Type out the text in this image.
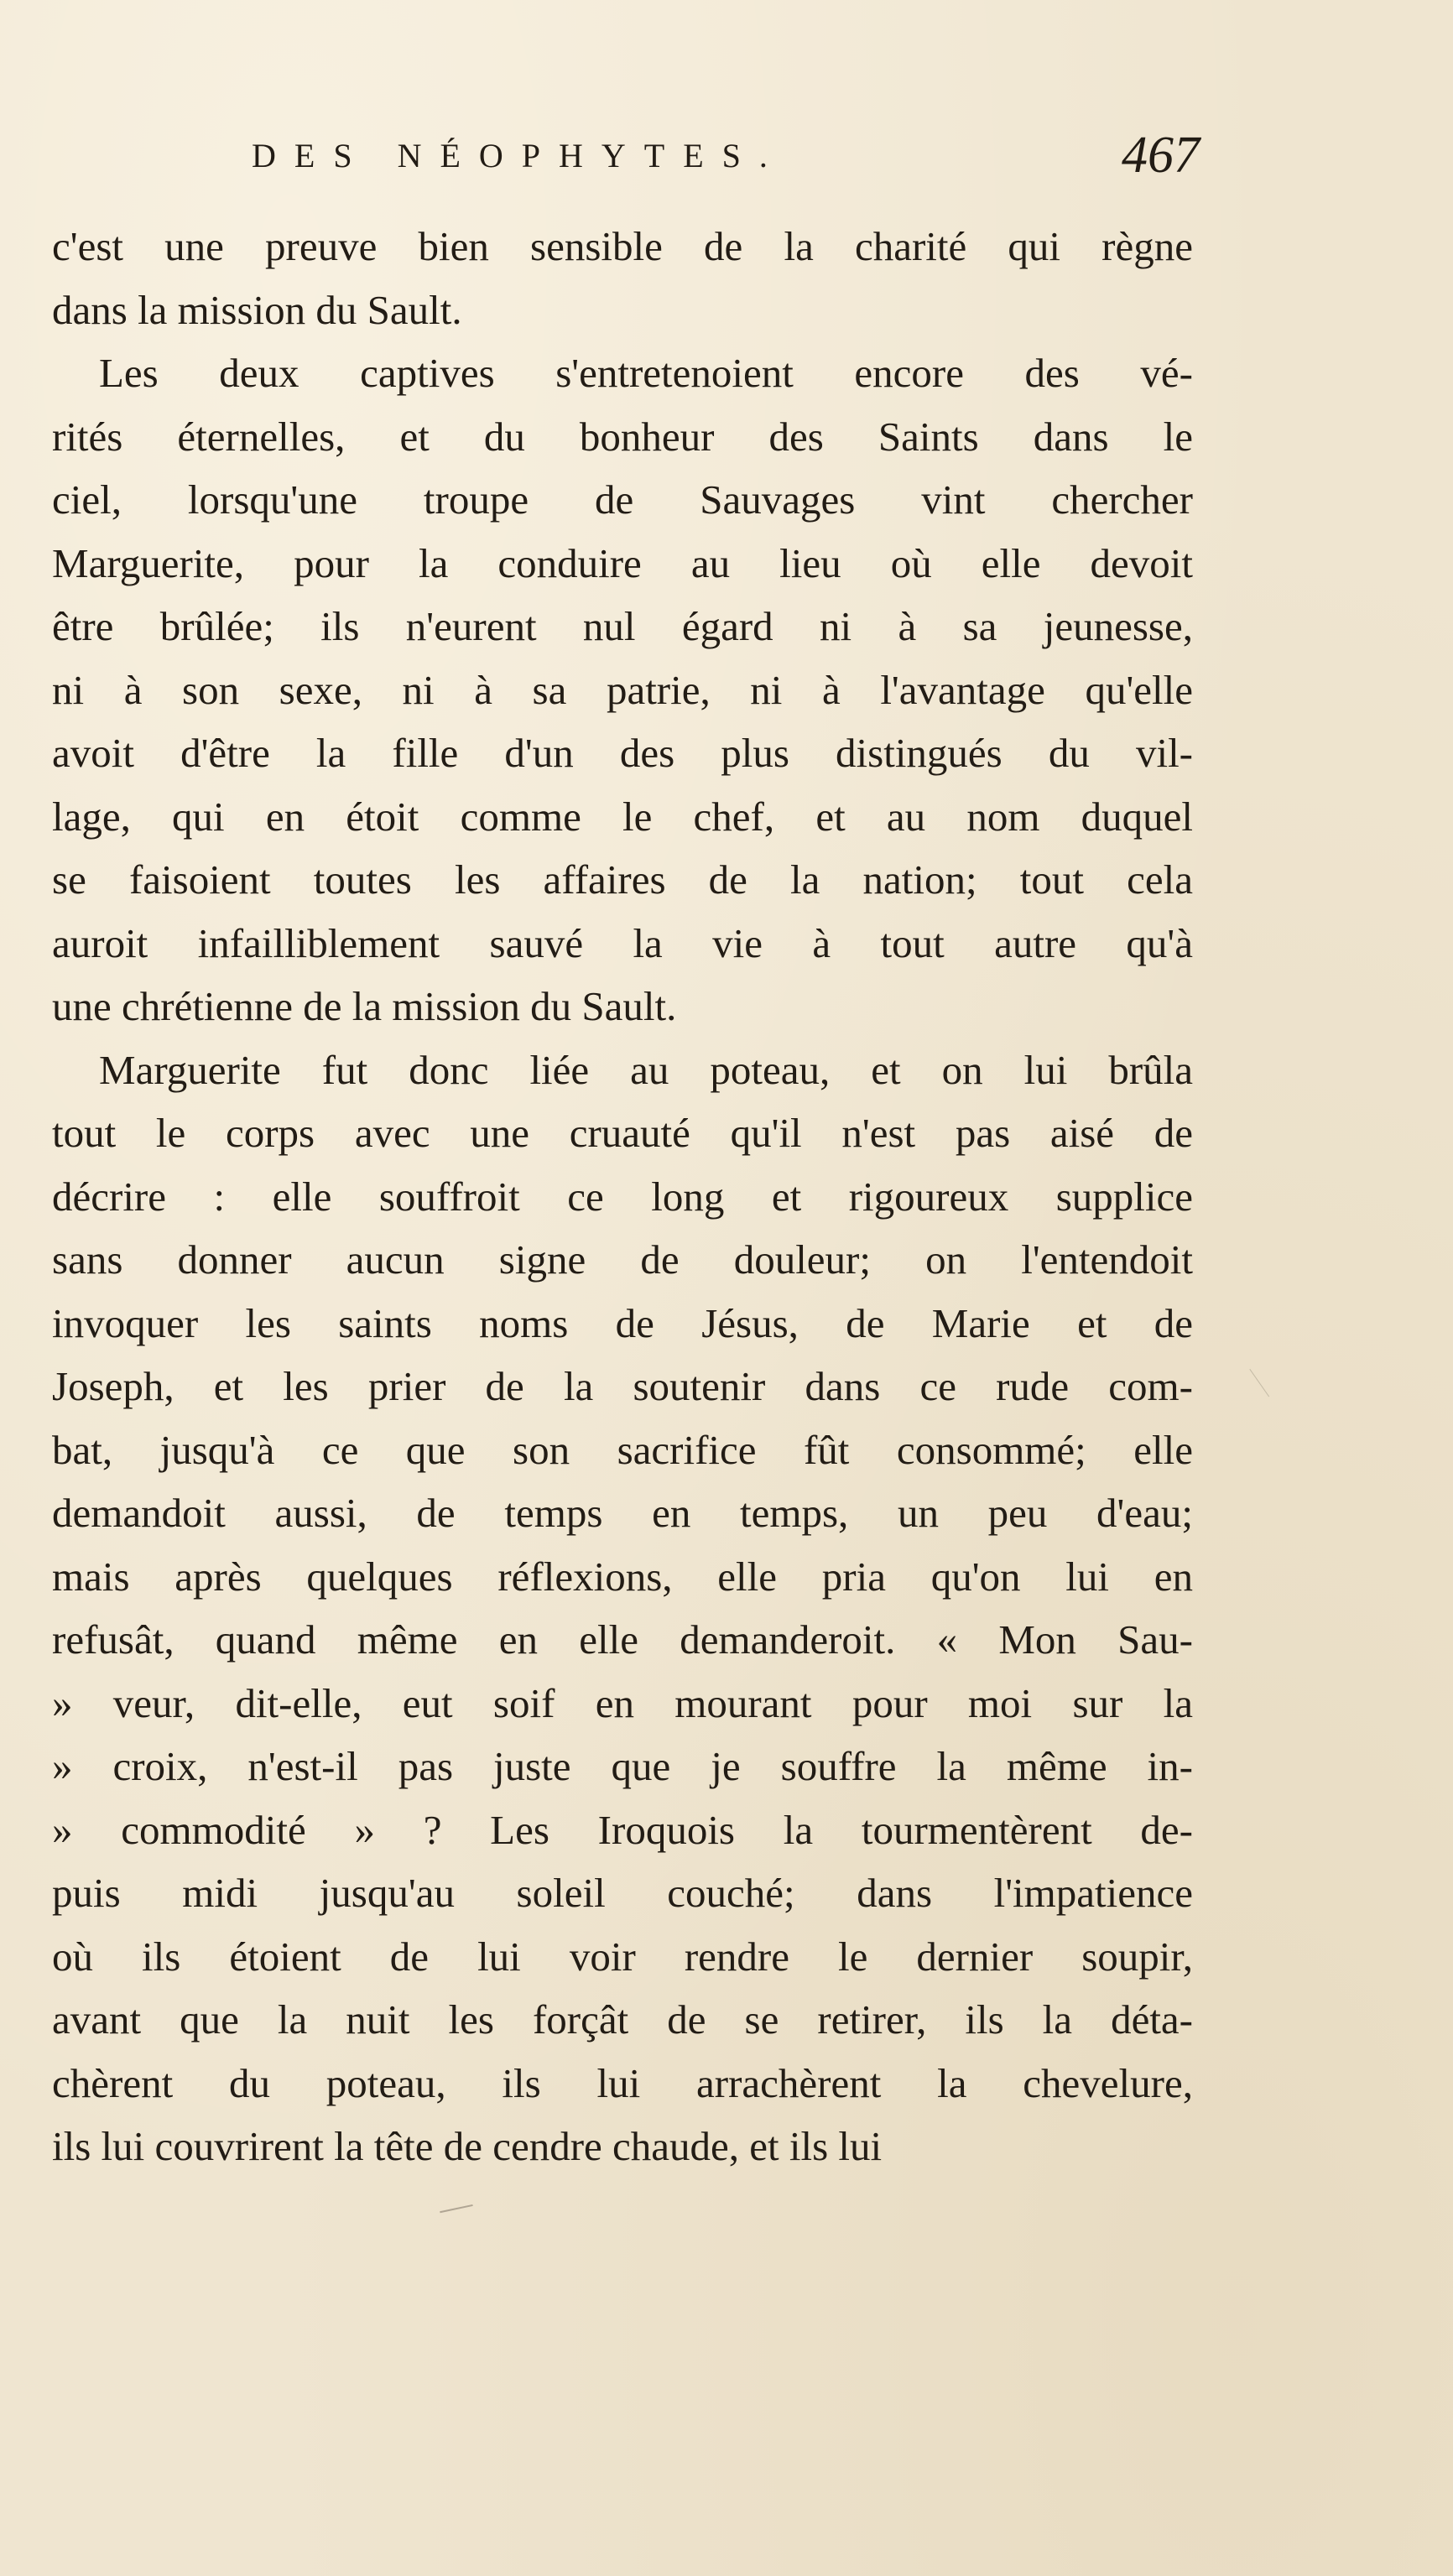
DES NÉOPHYTES.	467
c'est une preuve bien sensible de la charité qui règne
dans la mission du Sault.
Les deux captives s'entretenoient encore des vé-
rités éternelles, et du bonheur des Saints dans le
ciel, lorsqu'une troupe de Sauvages vint chercher
Marguerite, pour la conduire au lieu où elle devoit
être brûlée; ils n'eurent nul égard ni à sa jeunesse,
ni à son sexe, ni à sa patrie, ni à l'avantage qu'elle
avoit d'être la fille d'un des plus distingués du vil-
lage, qui en étoit comme le chef, et au nom duquel
se faisoient toutes les affaires de la nation; tout cela
auroit infailliblement sauvé la vie à tout autre qu'à
une chrétienne de la mission du Sault.
Marguerite fut donc liée au poteau, et on lui brûla
tout le corps avec une cruauté qu'il n'est pas aisé de
décrire : elle souffroit ce long et rigoureux supplice
sans donner aucun signe de douleur; on l'entendoit
invoquer les saints noms de Jésus, de Marie et de
Joseph, et les prier de la soutenir dans ce rude com-
bat, jusqu'à ce que son sacrifice fût consommé; elle
demandoit aussi, de temps en temps, un peu d'eau;
mais après quelques réflexions, elle pria qu'on lui en
refusât, quand même en elle demanderoit. « Mon Sau-
» veur, dit-elle, eut soif en mourant pour moi sur la
» croix, n'est-il pas juste que je souffre la même in-
» commodité » ? Les Iroquois la tourmentèrent de-
puis midi jusqu'au soleil couché; dans l'impatience
où ils étoient de lui voir rendre le dernier soupir,
avant que la nuit les forçât de se retirer, ils la déta-
chèrent du poteau, ils lui arrachèrent la chevelure,
ils lui couvrirent la tête de cendre chaude, et ils lui
